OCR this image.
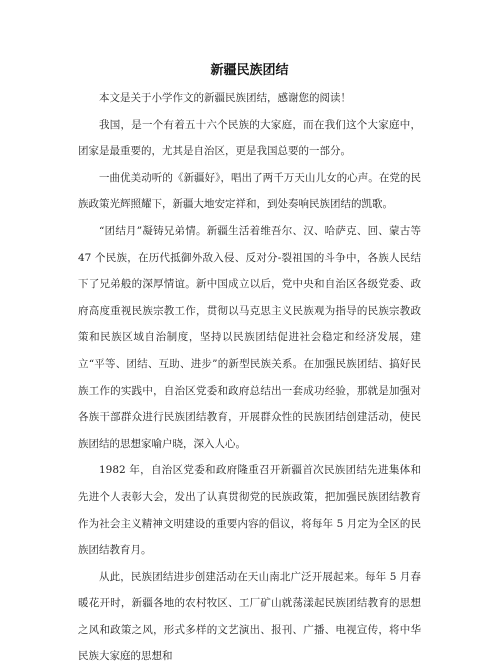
新疆民族团结

本文是关于小学作文的新疆民族团结，感谢您的阅读！

我国，是一个有着五十六个民族的大家庭，而在我们这个大家庭中，团家是最重要的，尤其是自治区，更是我国总要的一部分。

一曲优美动听的《新疆好》，唱出了两千万天山儿女的心声。在党的民族政策光辉照耀下，新疆大地安定祥和，到处奏响民族团结的凯歌。

“团结月”凝铸兄弟情。新疆生活着维吾尔、汉、哈萨克、回、蒙古等 47 个民族，在历代抵御外敌入侵、反对分-裂祖国的斗争中，各族人民结下了兄弟般的深厚情谊。新中国成立以后，党中央和自治区各级党委、政府高度重视民族宗教工作，贯彻以马克思主义民族观为指导的民族宗教政策和民族区域自治制度，坚持以民族团结促进社会稳定和经济发展，建立“平等、团结、互助、进步”的新型民族关系。在加强民族团结、搞好民族工作的实践中，自治区党委和政府总结出一套成功经验，那就是加强对各族干部群众进行民族团结教育，开展群众性的民族团结创建活动，使民族团结的思想家喻户晓，深入人心。

1982 年，自治区党委和政府隆重召开新疆首次民族团结先进集体和先进个人表彰大会，发出了认真贯彻党的民族政策，把加强民族团结教育作为社会主义精神文明建设的重要内容的倡议，将每年 5 月定为全区的民族团结教育月。

从此，民族团结进步创建活动在天山南北广泛开展起来。每年 5 月春暖花开时，新疆各地的农村牧区、工厂矿山就荡漾起民族团结教育的思想之风和政策之风，形式多样的文艺演出、报刊、广播、电视宣传，将中华民族大家庭的思想和
